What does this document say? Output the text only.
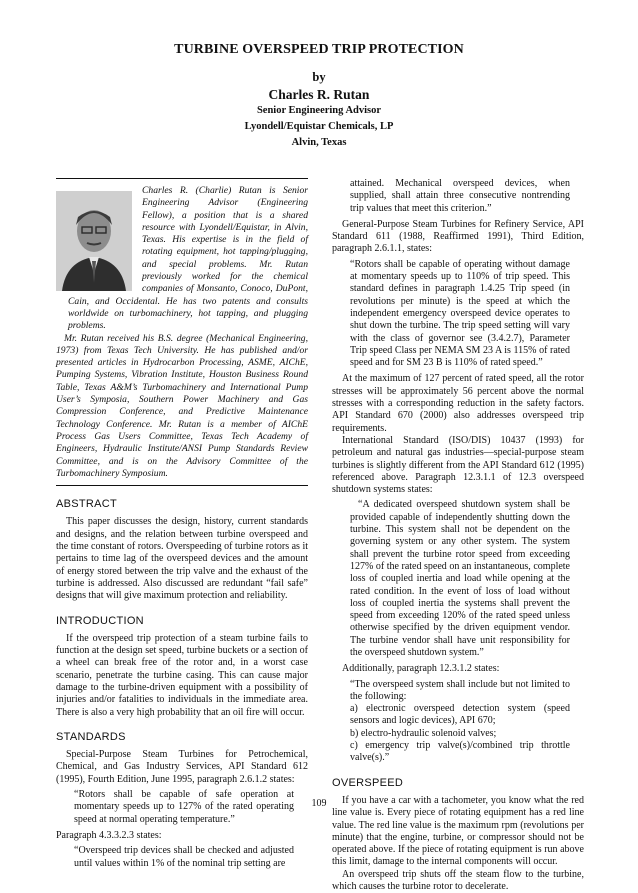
TURBINE OVERSPEED TRIP PROTECTION
by
Charles R. Rutan
Senior Engineering Advisor
Lyondell/Equistar Chemicals, LP
Alvin, Texas

Charles R. (Charlie) Rutan is Senior Engineering Advisor (Engineering Fellow), a position that is a shared resource with Lyondell/Equistar, in Alvin, Texas. His expertise is in the field of rotating equipment, hot tapping/plugging, and special problems. Mr. Rutan previously worked for the chemical companies of Monsanto, Conoco, DuPont, Cain, and Occidental. He has two patents and consults worldwide on turbomachinery, hot tapping, and plugging problems.

Mr. Rutan received his B.S. degree (Mechanical Engineering, 1973) from Texas Tech University. He has published and/or presented articles in Hydrocarbon Processing, ASME, AIChE, Pumping Systems, Vibration Institute, Houston Business Round Table, Texas A&M’s Turbomachinery and International Pump User’s Symposia, Southern Power Machinery and Gas Compression Conference, and Predictive Maintenance Technology Conference. Mr. Rutan is a member of AIChE Process Gas Users Committee, Texas Tech Academy of Engineers, Hydraulic Institute/ANSI Pump Standards Review Committee, and is on the Advisory Committee of the Turbomachinery Symposium.

ABSTRACT

This paper discusses the design, history, current standards and designs, and the relation between turbine overspeed and the time constant of rotors. Overspeeding of turbine rotors as it pertains to time lag of the overspeed devices and the amount of energy stored between the trip valve and the exhaust of the turbine is addressed. Also discussed are redundant “fail safe” designs that will give maximum protection and reliability.

INTRODUCTION

If the overspeed trip protection of a steam turbine fails to function at the design set speed, turbine buckets or a section of a wheel can break free of the rotor and, in a worst case scenario, penetrate the turbine casing. This can cause major damage to the turbine-driven equipment with a possibility of injuries and/or fatalities to individuals in the immediate area. There is also a very high probability that an oil fire will occur.

STANDARDS

Special-Purpose Steam Turbines for Petrochemical, Chemical, and Gas Industry Services, API Standard 612 (1995), Fourth Edition, June 1995, paragraph 2.6.1.2 states:

“Rotors shall be capable of safe operation at momentary speeds up to 127% of the rated operating speed at normal operating temperature.”

Paragraph 4.3.3.2.3 states:

“Overspeed trip devices shall be checked and adjusted until values within 1% of the nominal trip setting are

attained. Mechanical overspeed devices, when supplied, shall attain three consecutive nontrending trip values that meet this criterion.”

General-Purpose Steam Turbines for Refinery Service, API Standard 611 (1988, Reaffirmed 1991), Third Edition, paragraph 2.6.1.1, states:

“Rotors shall be capable of operating without damage at momentary speeds up to 110% of trip speed. This standard defines in paragraph 1.4.25 Trip speed (in revolutions per minute) is the speed at which the independent emergency overspeed device operates to shut down the turbine. The trip speed setting will vary with the class of governor see (3.4.2.7), Parameter Trip speed Class per NEMA SM 23 A is 115% of rated speed and for SM 23 B is 110% of rated speed.”

At the maximum of 127 percent of rated speed, all the rotor stresses will be approximately 56 percent above the normal stresses with a corresponding reduction in the safety factors. API Standard 670 (2000) also addresses overspeed trip requirements.

International Standard (ISO/DIS) 10437 (1993) for petroleum and natural gas industries—special-purpose steam turbines is slightly different from the API Standard 612 (1995) referenced above. Paragraph 12.3.1.1 of 12.3 overspeed shutdown systems states:

“A dedicated overspeed shutdown system shall be provided capable of independently shutting down the turbine. This system shall not be dependent on the governing system or any other system. The system shall prevent the turbine rotor speed from exceeding 127% of the rated speed on an instantaneous, complete loss of coupled inertia and load while opening at the rated condition. In the event of loss of load without loss of coupled inertia the systems shall prevent the speed from exceeding 120% of the rated speed unless otherwise specified by the driven equipment vendor. The turbine vendor shall have unit responsibility for the overspeed shutdown system.”

Additionally, paragraph 12.3.1.2 states:

“The overspeed system shall include but not limited to the following:

a) electronic overspeed detection system (speed sensors and logic devices), API 670;

b) electro-hydraulic solenoid valves;

c) emergency trip valve(s)/combined trip throttle valve(s).”

OVERSPEED

If you have a car with a tachometer, you know what the red line value is. Every piece of rotating equipment has a red line value. The red line value is the maximum rpm (revolutions per minute) that the engine, turbine, or compressor should not be operated above. If the piece of rotating equipment is run above this limit, damage to the internal components will occur.

An overspeed trip shuts off the steam flow to the turbine, which causes the turbine rotor to decelerate.

109
